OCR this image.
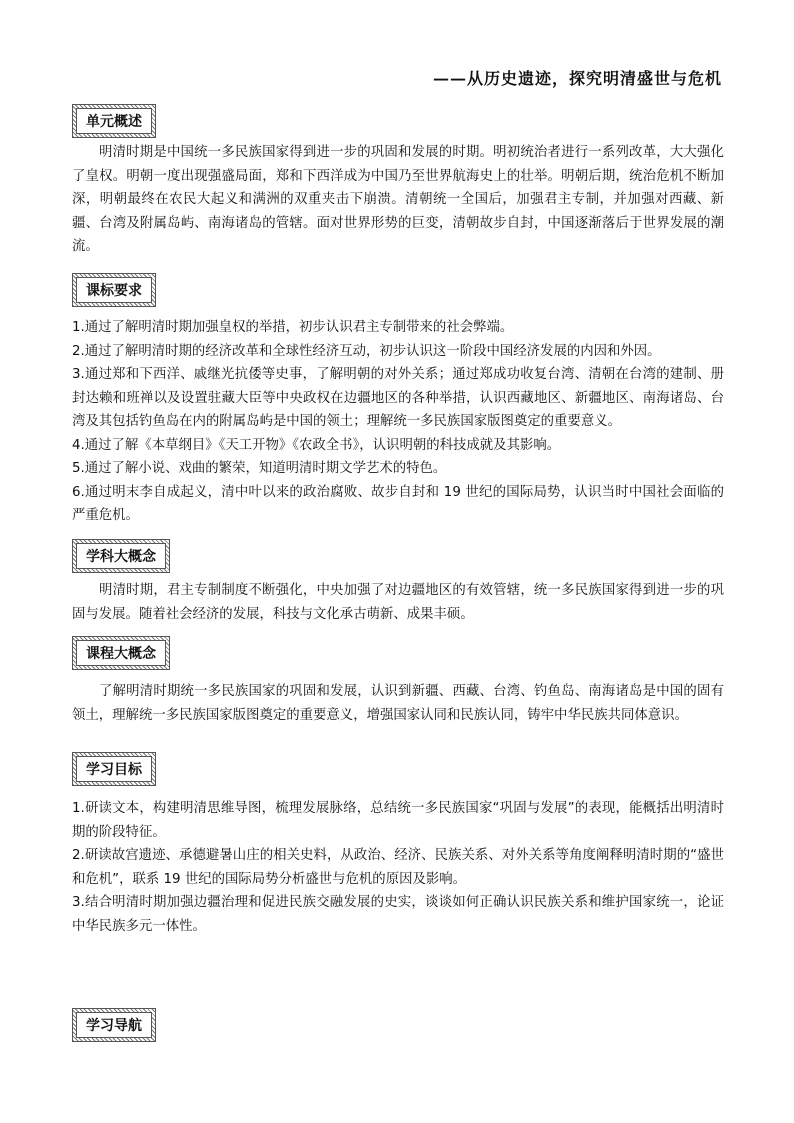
——从历史遗迹，探究明清盛世与危机
单元概述

明清时期是中国统一多民族国家得到进一步的巩固和发展的时期。明初统治者进行一系列改革，大大强化了皇权。明朝一度出现强盛局面，郑和下西洋成为中国乃至世界航海史上的壮举。明朝后期，统治危机不断加深，明朝最终在农民大起义和满洲的双重夹击下崩溃。清朝统一全国后，加强君主专制，并加强对西藏、新疆、台湾及附属岛屿、南海诸岛的管辖。面对世界形势的巨变，清朝故步自封，中国逐渐落后于世界发展的潮流。

课标要求

1.通过了解明清时期加强皇权的举措，初步认识君主专制带来的社会弊端。

2.通过了解明清时期的经济改革和全球性经济互动，初步认识这一阶段中国经济发展的内因和外因。

3.通过郑和下西洋、戚继光抗倭等史事，了解明朝的对外关系；通过郑成功收复台湾、清朝在台湾的建制、册封达赖和班禅以及设置驻藏大臣等中央政权在边疆地区的各种举措，认识西藏地区、新疆地区、南海诸岛、台湾及其包括钓鱼岛在内的附属岛屿是中国的领土；理解统一多民族国家版图奠定的重要意义。

4.通过了解《本草纲目》《天工开物》《农政全书》，认识明朝的科技成就及其影响。

5.通过了解小说、戏曲的繁荣，知道明清时期文学艺术的特色。

6.通过明末李自成起义，清中叶以来的政治腐败、故步自封和 19 世纪的国际局势，认识当时中国社会面临的严重危机。

学科大概念

明清时期，君主专制制度不断强化，中央加强了对边疆地区的有效管辖，统一多民族国家得到进一步的巩固与发展。随着社会经济的发展，科技与文化承古萌新、成果丰硕。

课程大概念

了解明清时期统一多民族国家的巩固和发展，认识到新疆、西藏、台湾、钓鱼岛、南海诸岛是中国的固有领土，理解统一多民族国家版图奠定的重要意义，增强国家认同和民族认同，铸牢中华民族共同体意识。

学习目标

1.研读文本，构建明清思维导图，梳理发展脉络，总结统一多民族国家“巩固与发展”的表现，能概括出明清时期的阶段特征。

2.研读故宫遗迹、承德避暑山庄的相关史料，从政治、经济、民族关系、对外关系等角度阐释明清时期的“盛世和危机”，联系 19 世纪的国际局势分析盛世与危机的原因及影响。

3.结合明清时期加强边疆治理和促进民族交融发展的史实，谈谈如何正确认识民族关系和维护国家统一，论证中华民族多元一体性。

学习导航
